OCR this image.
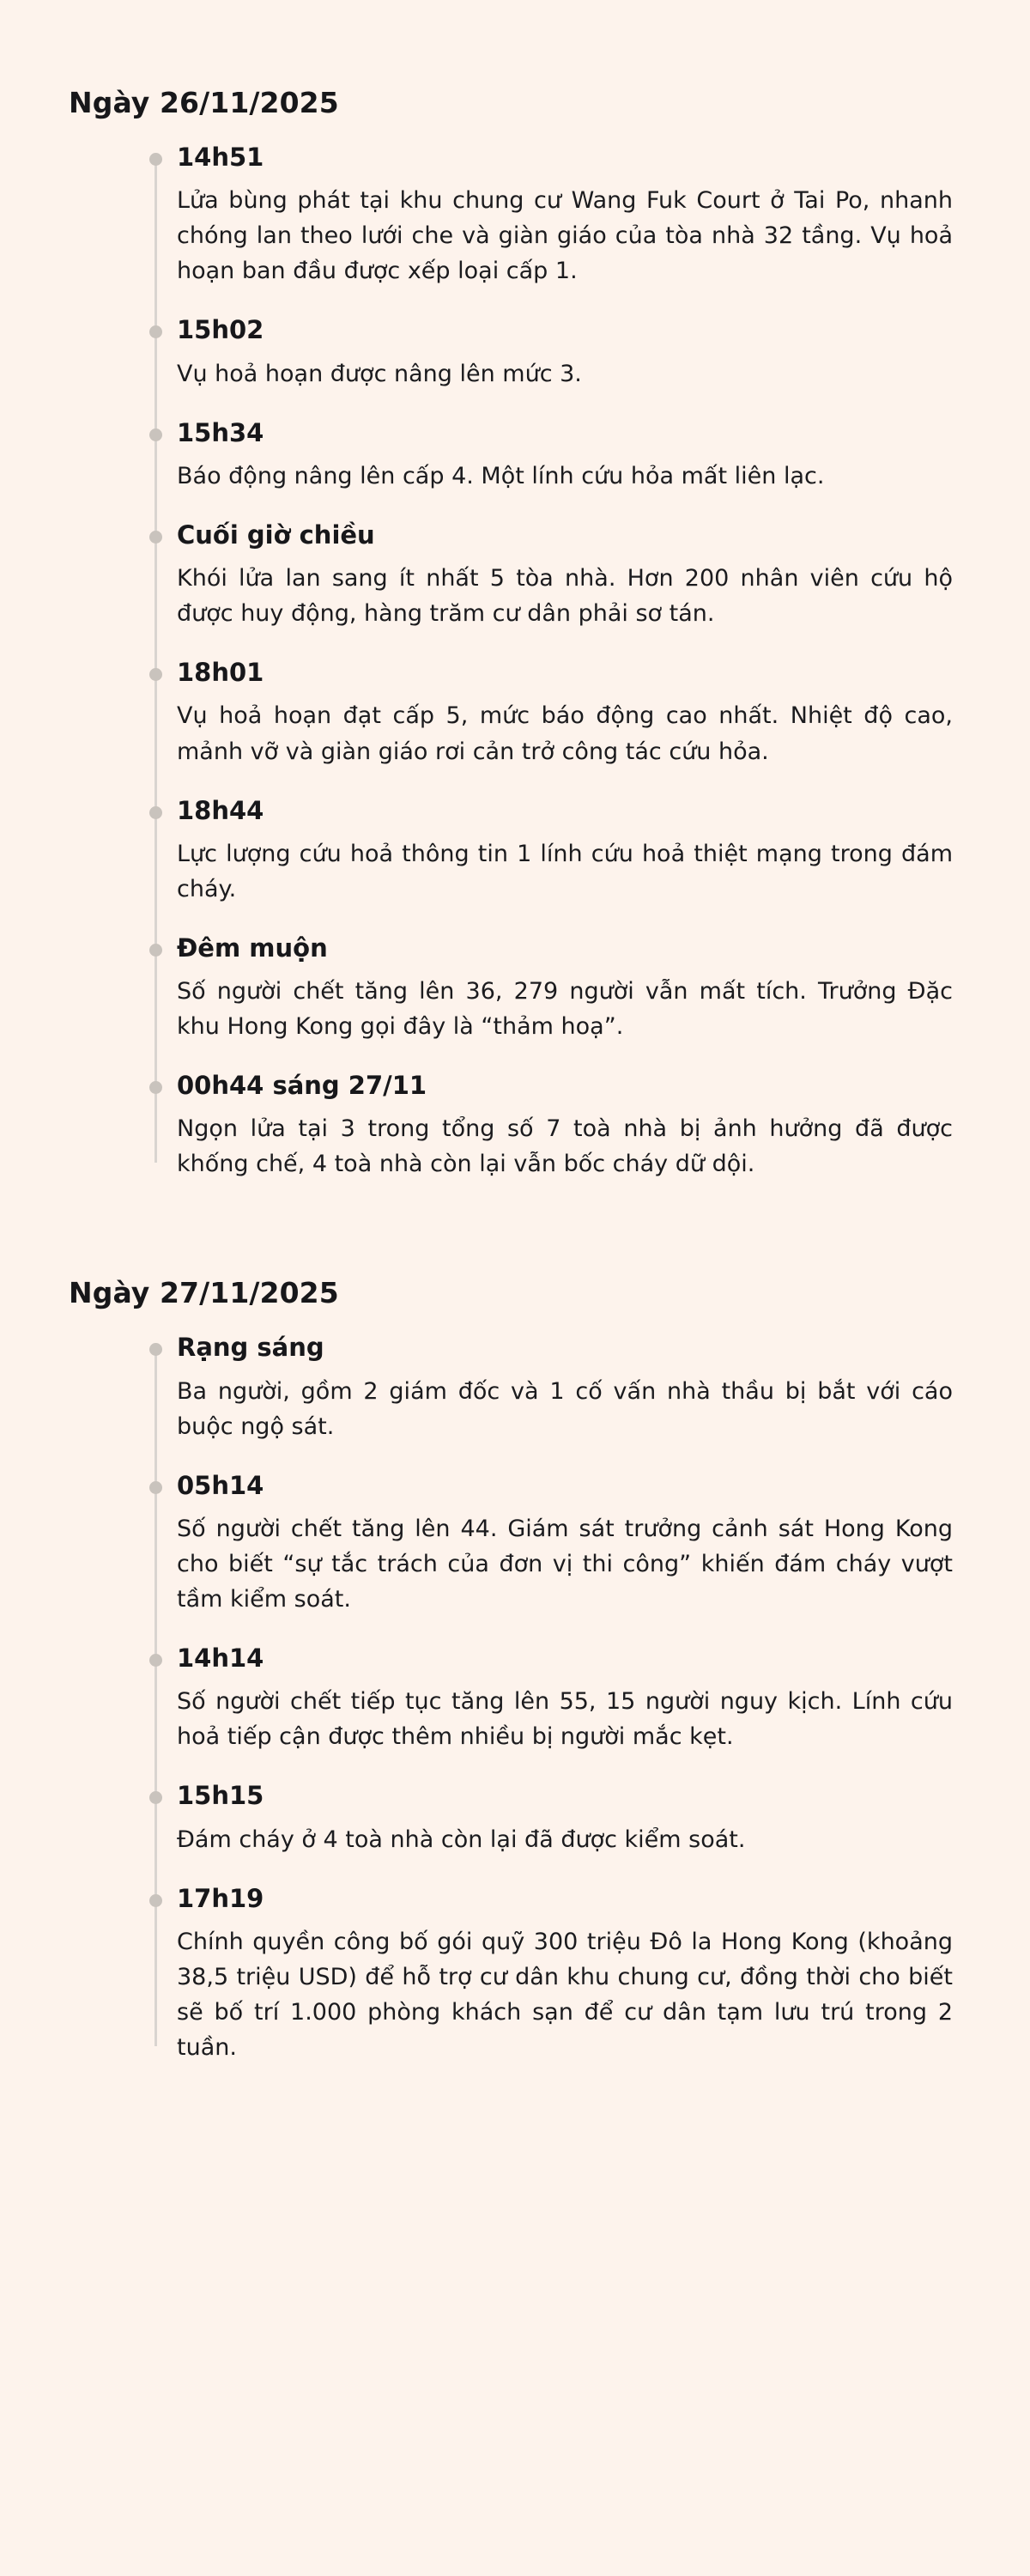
Ngày 26/11/2025
14h51

Lửa bùng phát tại khu chung cư Wang Fuk Court ở Tai Po, nhanh chóng lan theo lưới che và giàn giáo của tòa nhà 32 tầng. Vụ hoả hoạn ban đầu được xếp loại cấp 1.

15h02

Vụ hoả hoạn được nâng lên mức 3.

15h34

Báo động nâng lên cấp 4. Một lính cứu hỏa mất liên lạc.

Cuối giờ chiều

Khói lửa lan sang ít nhất 5 tòa nhà. Hơn 200 nhân viên cứu hộ được huy động, hàng trăm cư dân phải sơ tán.

18h01

Vụ hoả hoạn đạt cấp 5, mức báo động cao nhất. Nhiệt độ cao, mảnh vỡ và giàn giáo rơi cản trở công tác cứu hỏa.

18h44

Lực lượng cứu hoả thông tin 1 lính cứu hoả thiệt mạng trong đám cháy.

Đêm muộn

Số người chết tăng lên 36, 279 người vẫn mất tích. Trưởng Đặc khu Hong Kong gọi đây là “thảm hoạ”.

00h44 sáng 27/11

Ngọn lửa tại 3 trong tổng số 7 toà nhà bị ảnh hưởng đã được khống chế, 4 toà nhà còn lại vẫn bốc cháy dữ dội.

Ngày 27/11/2025
Rạng sáng

Ba người, gồm 2 giám đốc và 1 cố vấn nhà thầu bị bắt với cáo buộc ngộ sát.

05h14

Số người chết tăng lên 44. Giám sát trưởng cảnh sát Hong Kong cho biết “sự tắc trách của đơn vị thi công” khiến đám cháy vượt tầm kiểm soát.

14h14

Số người chết tiếp tục tăng lên 55, 15 người nguy kịch. Lính cứu hoả tiếp cận được thêm nhiều bị người mắc kẹt.

15h15

Đám cháy ở 4 toà nhà còn lại đã được kiểm soát.

17h19

Chính quyền công bố gói quỹ 300 triệu Đô la Hong Kong (khoảng 38,5 triệu USD) để hỗ trợ cư dân khu chung cư, đồng thời cho biết sẽ bố trí 1.000 phòng khách sạn để cư dân tạm lưu trú trong 2 tuần.
